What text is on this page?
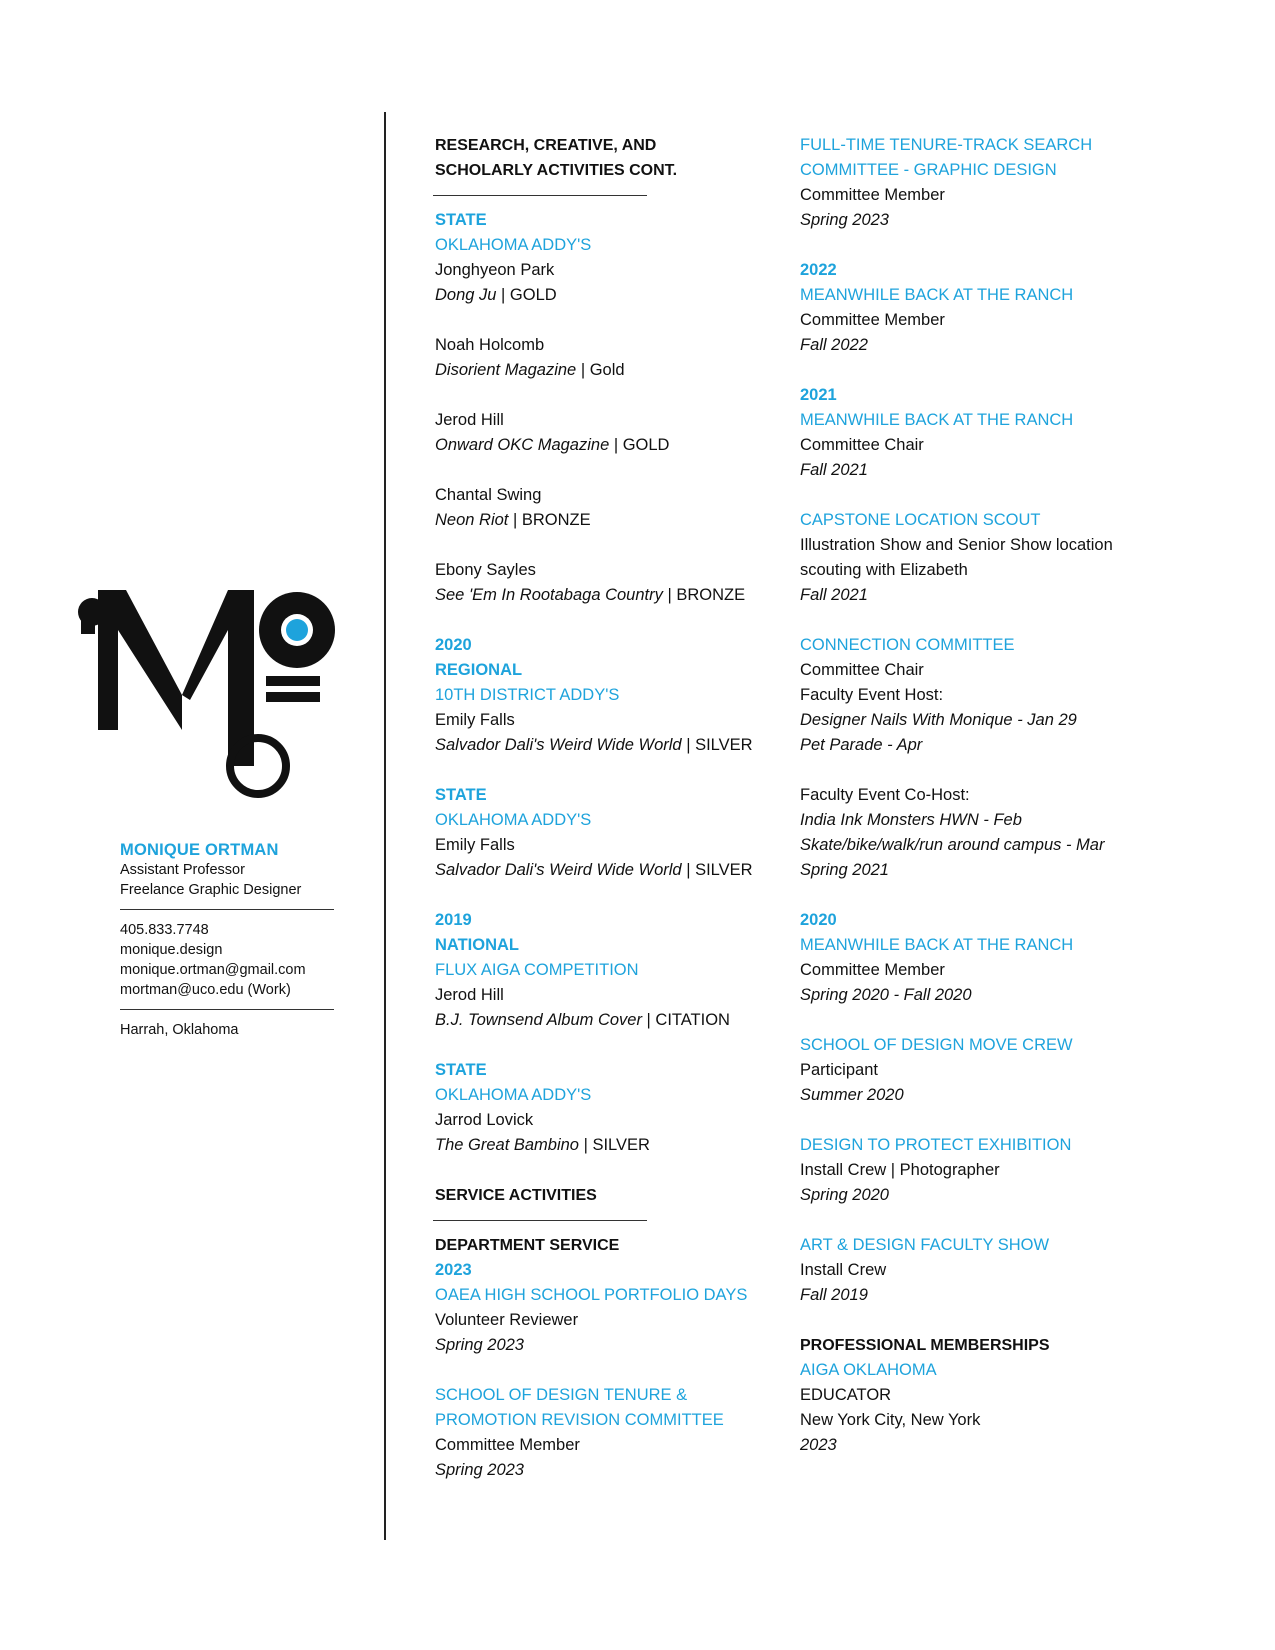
MONIQUE ORTMAN
Assistant Professor
Freelance Graphic Designer
405.833.7748
monique.design
monique.ortman@gmail.com
mortman@uco.edu (Work)
Harrah, Oklahoma
RESEARCH, CREATIVE, AND
SCHOLARLY ACTIVITIES CONT.
STATE
OKLAHOMA ADDY'S
Jonghyeon Park
Dong Ju | GOLD
Noah Holcomb
Disorient Magazine | Gold
Jerod Hill
Onward OKC Magazine | GOLD
Chantal Swing
Neon Riot | BRONZE
Ebony Sayles
See 'Em In Rootabaga Country | BRONZE
2020
REGIONAL
10TH DISTRICT ADDY'S
Emily Falls
Salvador Dali's Weird Wide World | SILVER
STATE
OKLAHOMA ADDY'S
Emily Falls
Salvador Dali's Weird Wide World | SILVER
2019
NATIONAL
FLUX AIGA COMPETITION
Jerod Hill
B.J. Townsend Album Cover | CITATION
STATE
OKLAHOMA ADDY'S
Jarrod Lovick
The Great Bambino | SILVER
SERVICE ACTIVITIES
DEPARTMENT SERVICE
2023
OAEA HIGH SCHOOL PORTFOLIO DAYS
Volunteer Reviewer
Spring 2023
SCHOOL OF DESIGN TENURE &
PROMOTION REVISION COMMITTEE
Committee Member
Spring 2023
FULL-TIME TENURE-TRACK SEARCH
COMMITTEE - GRAPHIC DESIGN
Committee Member
Spring 2023
2022
MEANWHILE BACK AT THE RANCH
Committee Member
Fall 2022
2021
MEANWHILE BACK AT THE RANCH
Committee Chair
Fall 2021
CAPSTONE LOCATION SCOUT
Illustration Show and Senior Show location
scouting with Elizabeth
Fall 2021
CONNECTION COMMITTEE
Committee Chair
Faculty Event Host:
Designer Nails With Monique - Jan 29
Pet Parade - Apr
Faculty Event Co-Host:
India Ink Monsters HWN - Feb
Skate/bike/walk/run around campus - Mar
Spring 2021
2020
MEANWHILE BACK AT THE RANCH
Committee Member
Spring 2020 - Fall 2020
SCHOOL OF DESIGN MOVE CREW
Participant
Summer 2020
DESIGN TO PROTECT EXHIBITION
Install Crew | Photographer
Spring 2020
ART & DESIGN FACULTY SHOW
Install Crew
Fall 2019
PROFESSIONAL MEMBERSHIPS
AIGA OKLAHOMA
EDUCATOR
New York City, New York
2023
